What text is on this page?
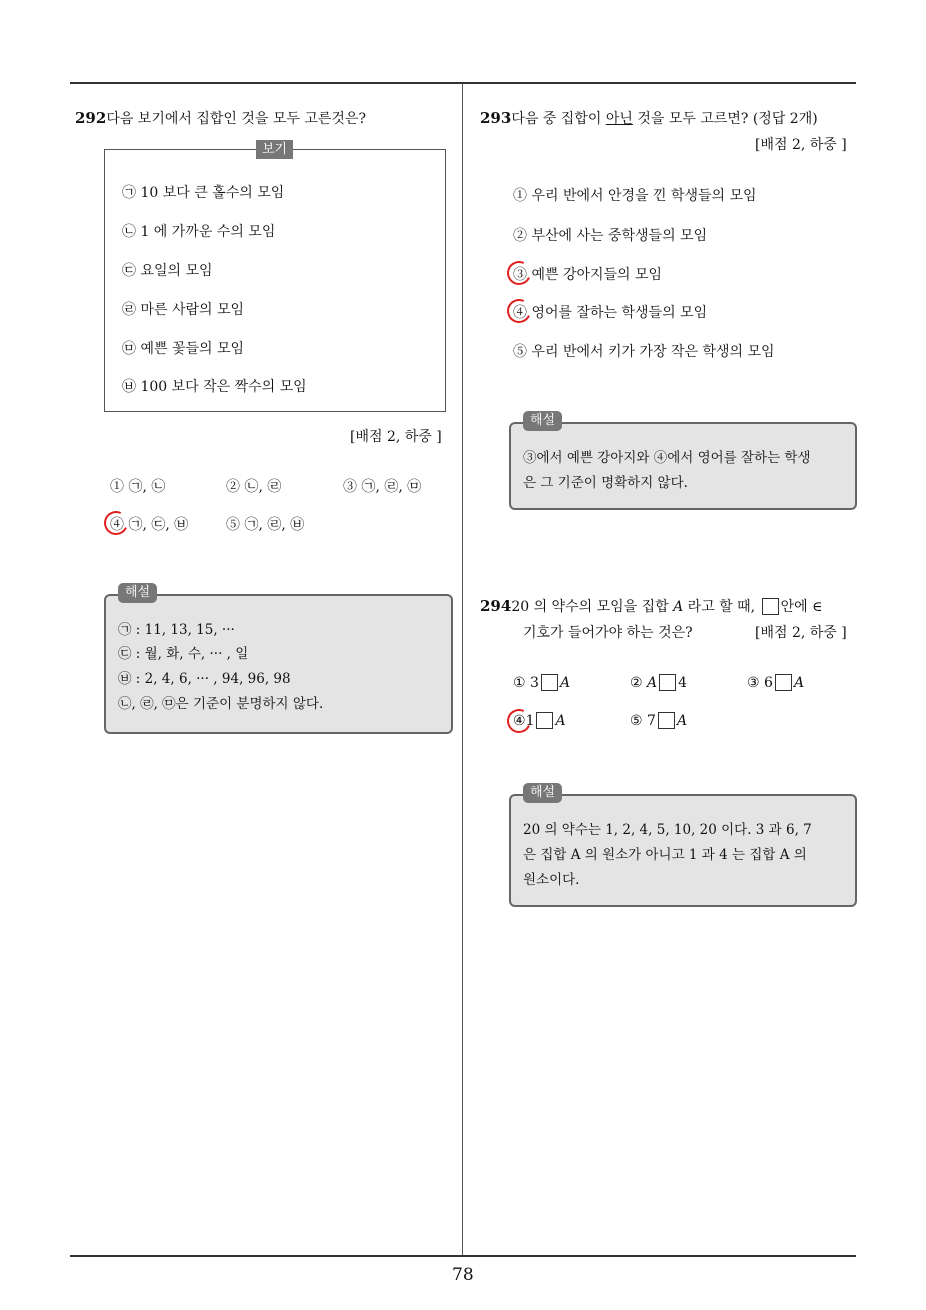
78
292다음 보기에서 집합인 것을 모두 고른것은?
보기
㉠ 10 보다 큰 홀수의 모임
㉡ 1 에 가까운 수의 모임
㉢ 요일의 모임
㉣ 마른 사람의 모임
㉤ 예쁜 꽃들의 모임
㉥ 100 보다 작은 짝수의 모임
[배점 2, 하중 ]
① ㉠, ㉡	② ㉡, ㉣	③ ㉠, ㉣, ㉤
④ ㉠, ㉢, ㉥	⑤ ㉠, ㉣, ㉥
해설
㉠ : 11, 13, 15, ···
㉢ : 월, 화, 수, ··· , 일
㉥ : 2, 4, 6, ··· , 94, 96, 98
㉡, ㉣, ㉤은 기준이 분명하지 않다.
293다음 중 집합이 아닌 것을 모두 고르면? (정답 2개)
[배점 2, 하중 ]
① 우리 반에서 안경을 낀 학생들의 모임
② 부산에 사는 중학생들의 모임
③ 예쁜 강아지들의 모임
④ 영어를 잘하는 학생들의 모임
⑤ 우리 반에서 키가 가장 작은 학생의 모임
해설
③에서 예쁜 강아지와 ④에서 영어를 잘하는 학생
은 그 기준이 명확하지 않다.
29420 의 약수의 모임을 집합 A 라고 할 때, 안에 ∈
기호가 들어가야 하는 것은?	[배점 2, 하중 ]
① 3 A	② A 4	③ 6 A
④1 A	⑤ 7 A
해설
20 의 약수는 1, 2, 4, 5, 10, 20 이다. 3 과 6, 7
은 집합 A 의 원소가 아니고 1 과 4 는 집합 A 의
원소이다.
